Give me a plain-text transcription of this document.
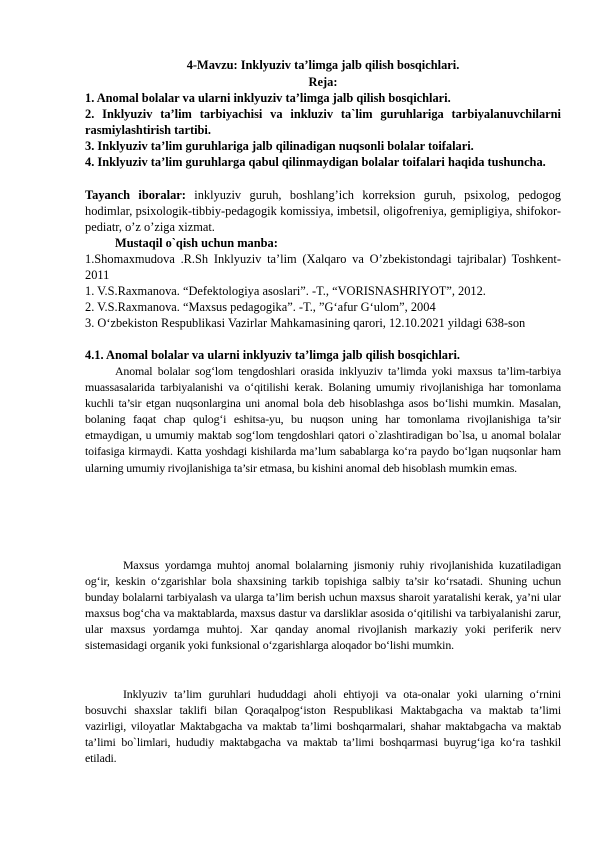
4-Mavzu: Inklyuziv ta’limga jalb qilish bosqichlari.

Reja:

1. Anomal bolalar va ularni inklyuziv ta’limga jalb qilish bosqichlari.

2. Inklyuziv ta’lim tarbiyachisi va inkluziv ta`lim guruhlariga tarbiyalanuvchilarni rasmiylashtirish tartibi.

3. Inklyuziv ta’lim guruhlariga jalb qilinadigan nuqsonli bolalar toifalari.

4. Inklyuziv ta’lim guruhlarga qabul qilinmaydigan bolalar toifalari haqida tushuncha.

Tayanch iboralar: inklyuziv guruh, boshlang’ich korreksion guruh, psixolog, pedogog hodimlar, psixologik-tibbiy-pedagogik komissiya, imbetsil, oligofreniya, gemipligiya, shifokor-pediatr, o’z o’ziga xizmat.

Mustaqil o`qish uchun manba:

1.Shomaxmudova .R.Sh Inklyuziv ta’lim (Xalqaro va O’zbekistondagi tajribalar) Toshkent-2011

1. V.S.Raxmanova. “Defektologiya asoslari”. -T., “VORISNASHRIYOT”, 2012.

2. V.S.Raxmanova. “Maxsus pedagogika”. -T., ”G‘afur G‘ulom”, 2004

3. O‘zbekiston Respublikasi Vazirlar Mahkamasining qarori, 12.10.2021 yildagi 638-son

4.1. Anomal bolalar va ularni inklyuziv ta’limga jalb qilish bosqichlari.

Anomal bolalar sog‘lom tengdoshlari orasida inklyuziv ta’limda yoki maxsus ta’lim-tarbiya muassasalarida tarbiyalanishi va o‘qitilishi kerak. Bolaning umumiy rivojlanishiga har tomonlama kuchli ta’sir etgan nuqsonlargina uni anomal bola deb hisoblashga asos bo‘lishi mumkin. Masalan, bolaning faqat chap qulog‘i eshitsa-yu, bu nuqson uning har tomonlama rivojlanishiga ta’sir etmaydigan, u umumiy maktab sog‘lom tengdoshlari qatori o`zlashtiradigan bo`lsa, u anomal bolalar toifasiga kirmaydi. Katta yoshdagi kishilarda ma’lum sabablarga ko‘ra paydo bo‘lgan nuqsonlar ham ularning umumiy rivojlanishiga ta’sir etmasa, bu kishini anomal deb hisoblash mumkin emas.

Maxsus yordamga muhtoj anomal bolalarning jismoniy ruhiy rivojlanishida kuzatiladigan og‘ir, keskin o‘zgarishlar bola shaxsining tarkib topishiga salbiy ta’sir ko‘rsatadi. Shuning uchun bunday bolalarni tarbiyalash va ularga ta’lim berish uchun maxsus sharoit yaratalishi kerak, ya’ni ular maxsus bog‘cha va maktablarda, maxsus dastur va darsliklar asosida o‘qitilishi va tarbiyalanishi zarur, ular maxsus yordamga muhtoj. Xar qanday anomal rivojlanish markaziy yoki periferik nerv sistemasidagi organik yoki funksional o‘zgarishlarga aloqador bo‘lishi mumkin.

Inklyuziv ta’lim guruhlari hududdagi aholi ehtiyoji va ota-onalar yoki ularning o‘rnini bosuvchi shaxslar taklifi bilan Qoraqalpog‘iston Respublikasi Maktabgacha va maktab ta’limi vazirligi, viloyatlar Maktabgacha va maktab ta’limi boshqarmalari, shahar maktabgacha va maktab ta’limi bo`limlari, hududiy maktabgacha va maktab ta’limi boshqarmasi buyrug‘iga ko‘ra tashkil etiladi.
